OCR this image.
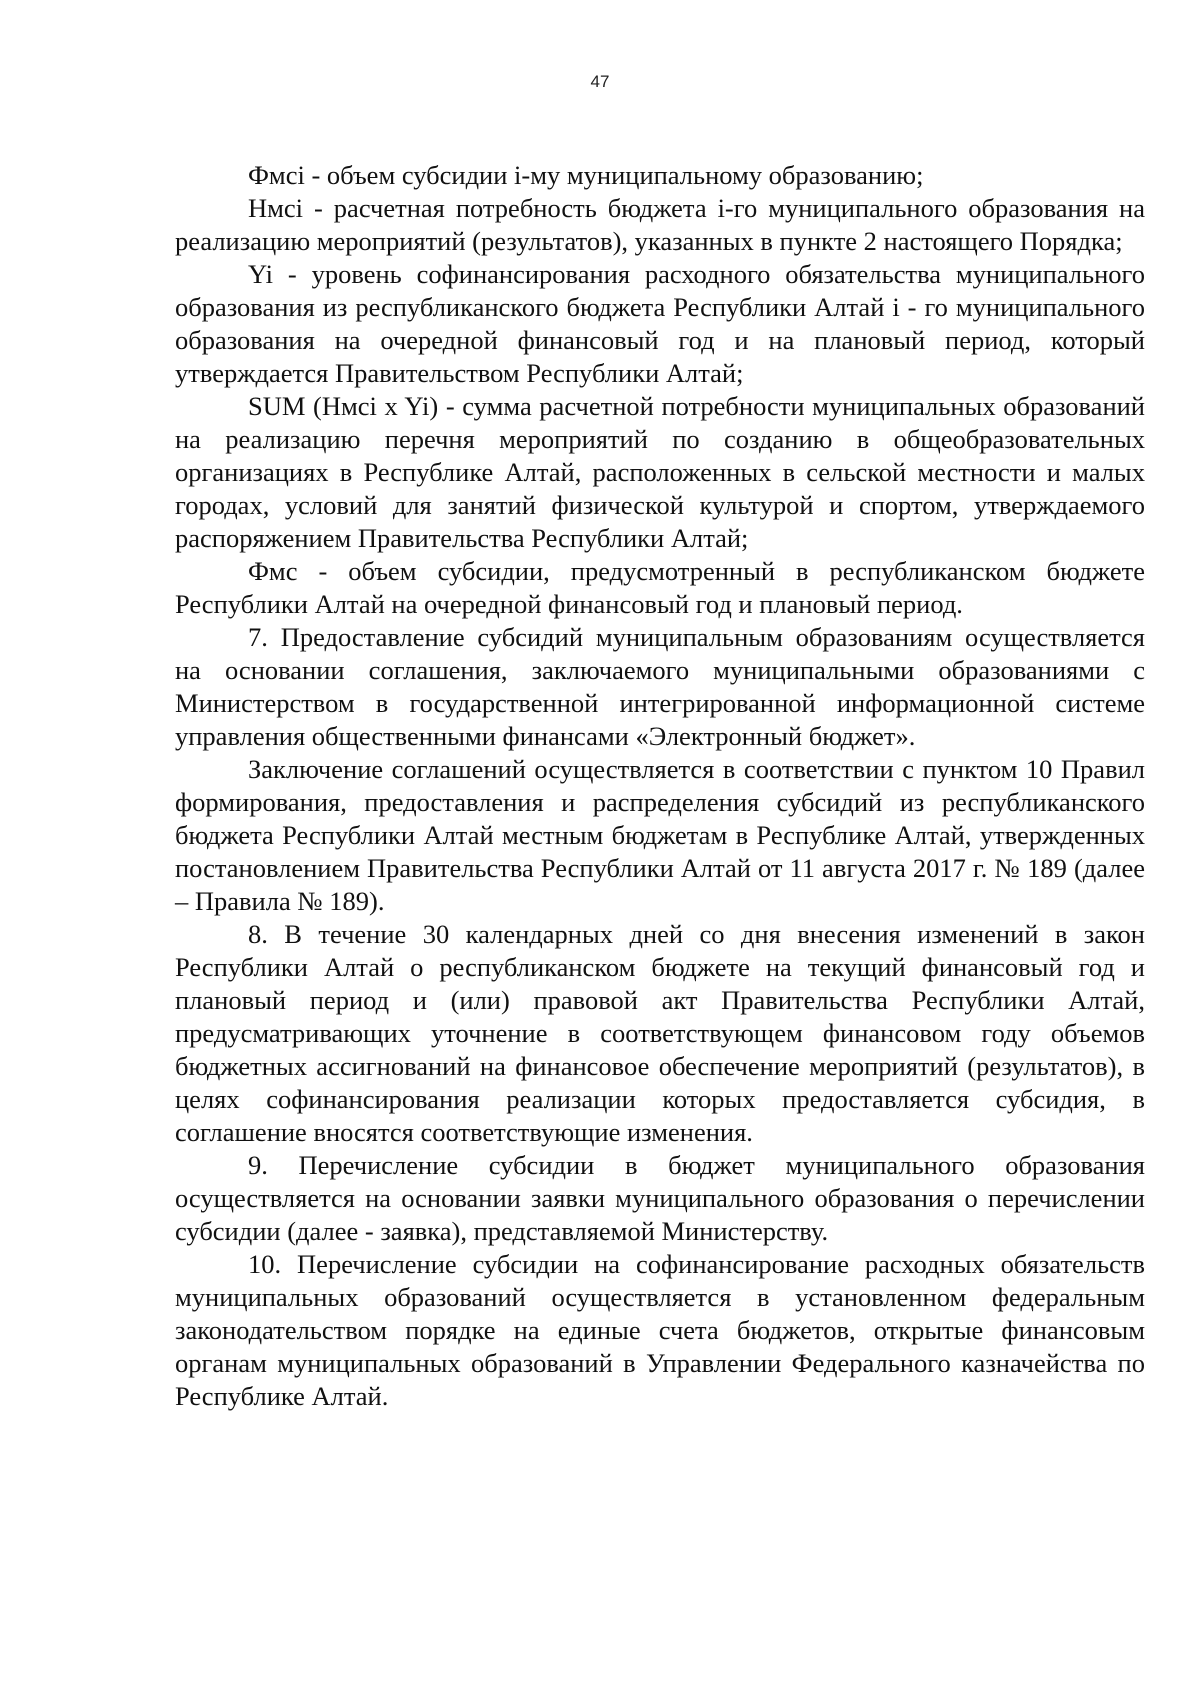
47

Фмсi - объем субсидии i-му муниципальному образованию;

Нмсi - расчетная потребность бюджета i-го муниципального образования на реализацию мероприятий (результатов), указанных в пункте 2 настоящего Порядка;

Yi - уровень софинансирования расходного обязательства муниципального образования из республиканского бюджета Республики Алтай i - го муниципального образования на очередной финансовый год и на плановый период, который утверждается Правительством Республики Алтай;

SUM (Нмсi x Yi) - сумма расчетной потребности муниципальных образований на реализацию перечня мероприятий по созданию в общеобразовательных организациях в Республике Алтай, расположенных в сельской местности и малых городах, условий для занятий физической культурой и спортом, утверждаемого распоряжением Правительства Республики Алтай;

Фмс - объем субсидии, предусмотренный в республиканском бюджете Республики Алтай на очередной финансовый год и плановый период.

7. Предоставление субсидий муниципальным образованиям осуществляется на основании соглашения, заключаемого муниципальными образованиями с Министерством в государственной интегрированной информационной системе управления общественными финансами «Электронный бюджет».

Заключение соглашений осуществляется в соответствии с пунктом 10 Правил формирования, предоставления и распределения субсидий из республиканского бюджета Республики Алтай местным бюджетам в Республике Алтай, утвержденных постановлением Правительства Республики Алтай от 11 августа 2017 г. № 189 (далее – Правила № 189).

8. В течение 30 календарных дней со дня внесения изменений в закон Республики Алтай о республиканском бюджете на текущий финансовый год и плановый период и (или) правовой акт Правительства Республики Алтай, предусматривающих уточнение в соответствующем финансовом году объемов бюджетных ассигнований на финансовое обеспечение мероприятий (результатов), в целях софинансирования реализации которых предоставляется субсидия, в соглашение вносятся соответствующие изменения.

9. Перечисление субсидии в бюджет муниципального образования осуществляется на основании заявки муниципального образования о перечислении субсидии (далее - заявка), представляемой Министерству.

10. Перечисление субсидии на софинансирование расходных обязательств муниципальных образований осуществляется в установленном федеральным законодательством порядке на единые счета бюджетов, открытые финансовым органам муниципальных образований в Управлении Федерального казначейства по Республике Алтай.
